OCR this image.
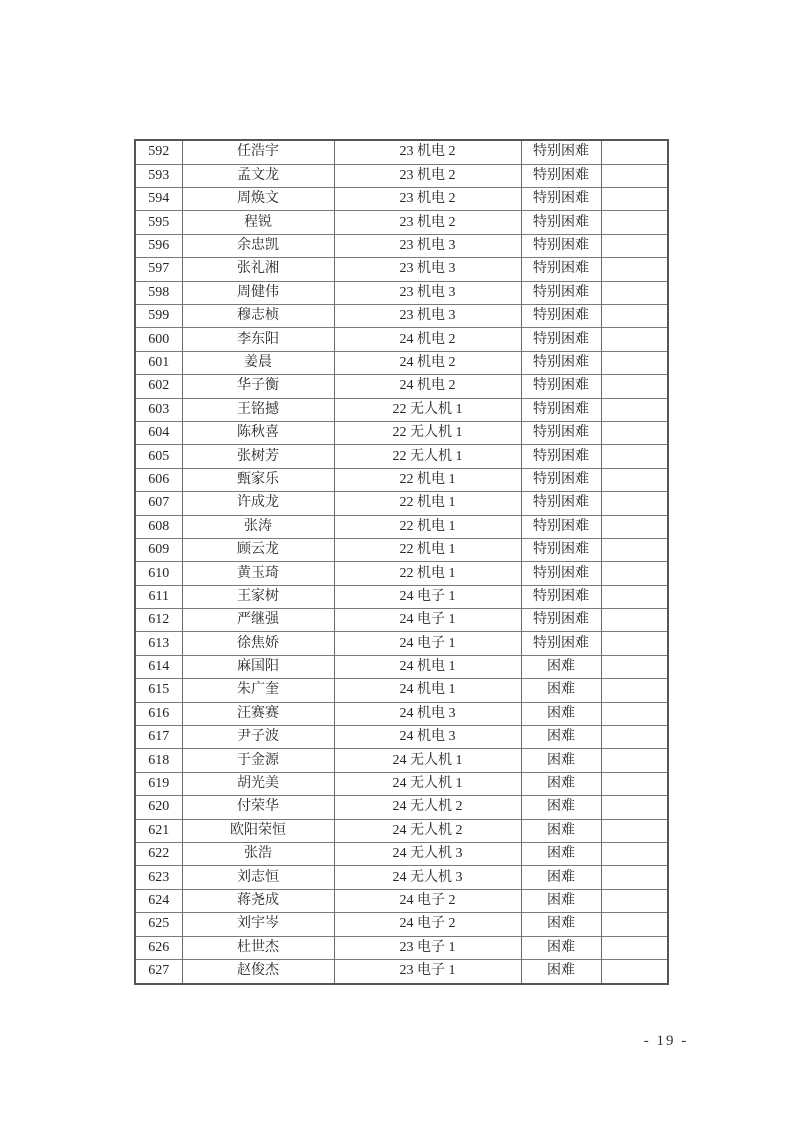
592	任浩宇	23 机电 2	特别困难	
593	孟文龙	23 机电 2	特别困难	
594	周焕文	23 机电 2	特别困难	
595	程锐	23 机电 2	特别困难	
596	余忠凯	23 机电 3	特别困难	
597	张礼湘	23 机电 3	特别困难	
598	周健伟	23 机电 3	特别困难	
599	穆志桢	23 机电 3	特别困难	
600	李东阳	24 机电 2	特别困难	
601	姜晨	24 机电 2	特别困难	
602	华子衡	24 机电 2	特别困难	
603	王铭撼	22 无人机 1	特别困难	
604	陈秋喜	22 无人机 1	特别困难	
605	张树芳	22 无人机 1	特别困难	
606	甄家乐	22 机电 1	特别困难	
607	许成龙	22 机电 1	特别困难	
608	张涛	22 机电 1	特别困难	
609	顾云龙	22 机电 1	特别困难	
610	黄玉琦	22 机电 1	特别困难	
611	王家树	24 电子 1	特别困难	
612	严继强	24 电子 1	特别困难	
613	徐焦娇	24 电子 1	特别困难	
614	麻国阳	24 机电 1	困难	
615	朱广奎	24 机电 1	困难	
616	汪赛赛	24 机电 3	困难	
617	尹子波	24 机电 3	困难	
618	于金源	24 无人机 1	困难	
619	胡光美	24 无人机 1	困难	
620	付荣华	24 无人机 2	困难	
621	欧阳荣恒	24 无人机 2	困难	
622	张浩	24 无人机 3	困难	
623	刘志恒	24 无人机 3	困难	
624	蒋尧成	24 电子 2	困难	
625	刘宇岑	24 电子 2	困难	
626	杜世杰	23 电子 1	困难	
627	赵俊杰	23 电子 1	困难	
- 19 -
